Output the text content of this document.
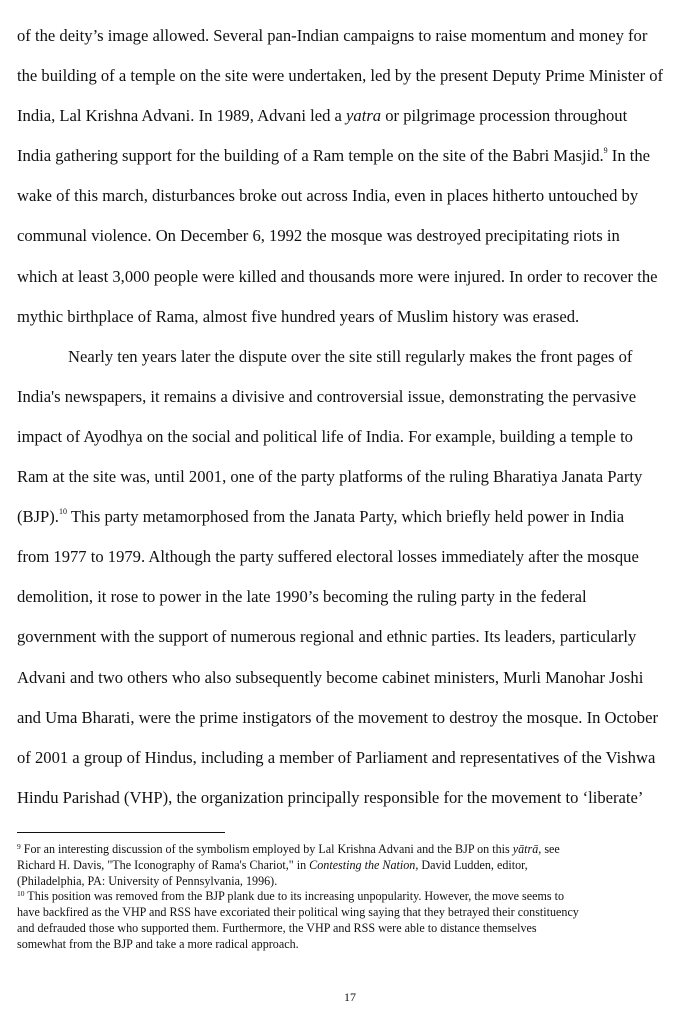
of the deity’s image allowed. Several pan-Indian campaigns to raise momentum and money for
the building of a temple on the site were undertaken, led by the present Deputy Prime Minister of
India, Lal Krishna Advani. In 1989, Advani led a yatra or pilgrimage procession throughout
India gathering support for the building of a Ram temple on the site of the Babri Masjid.$^9$ In the
wake of this march, disturbances broke out across India, even in places hitherto untouched by
communal violence. On December 6, 1992 the mosque was destroyed precipitating riots in
which at least 3,000 people were killed and thousands more were injured. In order to recover the
mythic birthplace of Rama, almost five hundred years of Muslim history was erased.
Nearly ten years later the dispute over the site still regularly makes the front pages of
India's newspapers, it remains a divisive and controversial issue, demonstrating the pervasive
impact of Ayodhya on the social and political life of India. For example, building a temple to
Ram at the site was, until 2001, one of the party platforms of the ruling Bharatiya Janata Party
(BJP).$^{10}$ This party metamorphosed from the Janata Party, which briefly held power in India
from 1977 to 1979. Although the party suffered electoral losses immediately after the mosque
demolition, it rose to power in the late 1990’s becoming the ruling party in the federal
government with the support of numerous regional and ethnic parties. Its leaders, particularly
Advani and two others who also subsequently become cabinet ministers, Murli Manohar Joshi
and Uma Bharati, were the prime instigators of the movement to destroy the mosque. In October
of 2001 a group of Hindus, including a member of Parliament and representatives of the Vishwa
Hindu Parishad (VHP), the organization principally responsible for the movement to ‘liberate’
$^9$ For an interesting discussion of the symbolism employed by Lal Krishna Advani and the BJP on this yātrā, see
Richard H. Davis, "The Iconography of Rama's Chariot," in Contesting the Nation, David Ludden, editor,
(Philadelphia, PA: University of Pennsylvania, 1996).
$^{10}$ This position was removed from the BJP plank due to its increasing unpopularity. However, the move seems to
have backfired as the VHP and RSS have excoriated their political wing saying that they betrayed their constituency
and defrauded those who supported them. Furthermore, the VHP and RSS were able to distance themselves
somewhat from the BJP and take a more radical approach.
17
